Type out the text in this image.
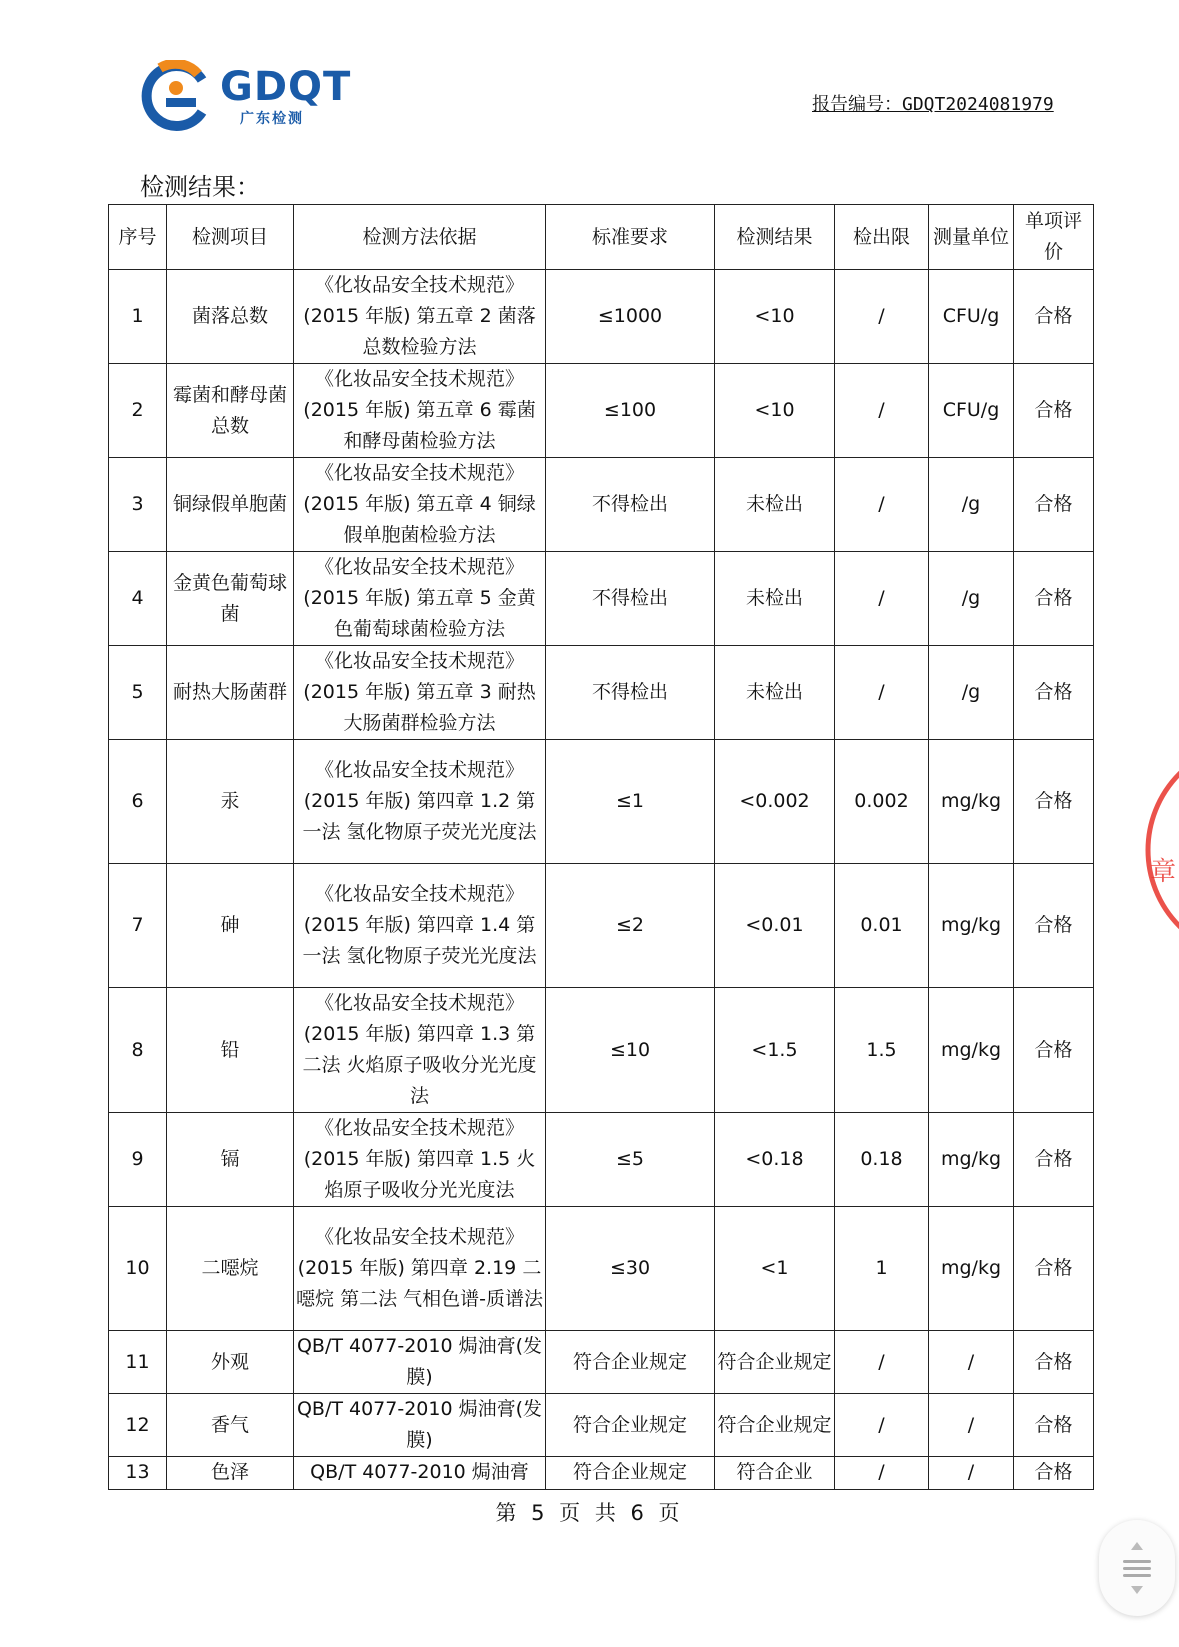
GDQT
广东检测
报告编号：GDQT2024081979
检测结果：
序号	检测项目	检测方法依据	标准要求	检测结果	检出限	测量单位	单项评价
1	菌落总数	《化妆品安全技术规范》(2015 年版) 第五章 2 菌落总数检验方法	≤1000	<10	/	CFU/g	合格
2	霉菌和酵母菌总数	《化妆品安全技术规范》(2015 年版) 第五章 6 霉菌和酵母菌检验方法	≤100	<10	/	CFU/g	合格
3	铜绿假单胞菌	《化妆品安全技术规范》(2015 年版) 第五章 4 铜绿假单胞菌检验方法	不得检出	未检出	/	/g	合格
4	金黄色葡萄球菌	《化妆品安全技术规范》(2015 年版) 第五章 5 金黄色葡萄球菌检验方法	不得检出	未检出	/	/g	合格
5	耐热大肠菌群	《化妆品安全技术规范》(2015 年版) 第五章 3 耐热大肠菌群检验方法	不得检出	未检出	/	/g	合格
6	汞	《化妆品安全技术规范》(2015 年版) 第四章 1.2 第一法 氢化物原子荧光光度法	≤1	<0.002	0.002	mg/kg	合格
7	砷	《化妆品安全技术规范》(2015 年版) 第四章 1.4 第一法 氢化物原子荧光光度法	≤2	<0.01	0.01	mg/kg	合格
8	铅	《化妆品安全技术规范》(2015 年版) 第四章 1.3 第二法 火焰原子吸收分光光度法	≤10	<1.5	1.5	mg/kg	合格
9	镉	《化妆品安全技术规范》(2015 年版) 第四章 1.5 火焰原子吸收分光光度法	≤5	<0.18	0.18	mg/kg	合格
10	二噁烷	《化妆品安全技术规范》(2015 年版) 第四章 2.19 二噁烷 第二法 气相色谱-质谱法	≤30	<1	1	mg/kg	合格
11	外观	QB/T 4077-2010 焗油膏(发膜)	符合企业规定	符合企业规定	/	/	合格
12	香气	QB/T 4077-2010 焗油膏(发膜)	符合企业规定	符合企业规定	/	/	合格

13	色泽	QB/T 4077-2010 焗油膏	符合企业规定	符合企业	/	/	合格
第 5 页 共 6 页
章
